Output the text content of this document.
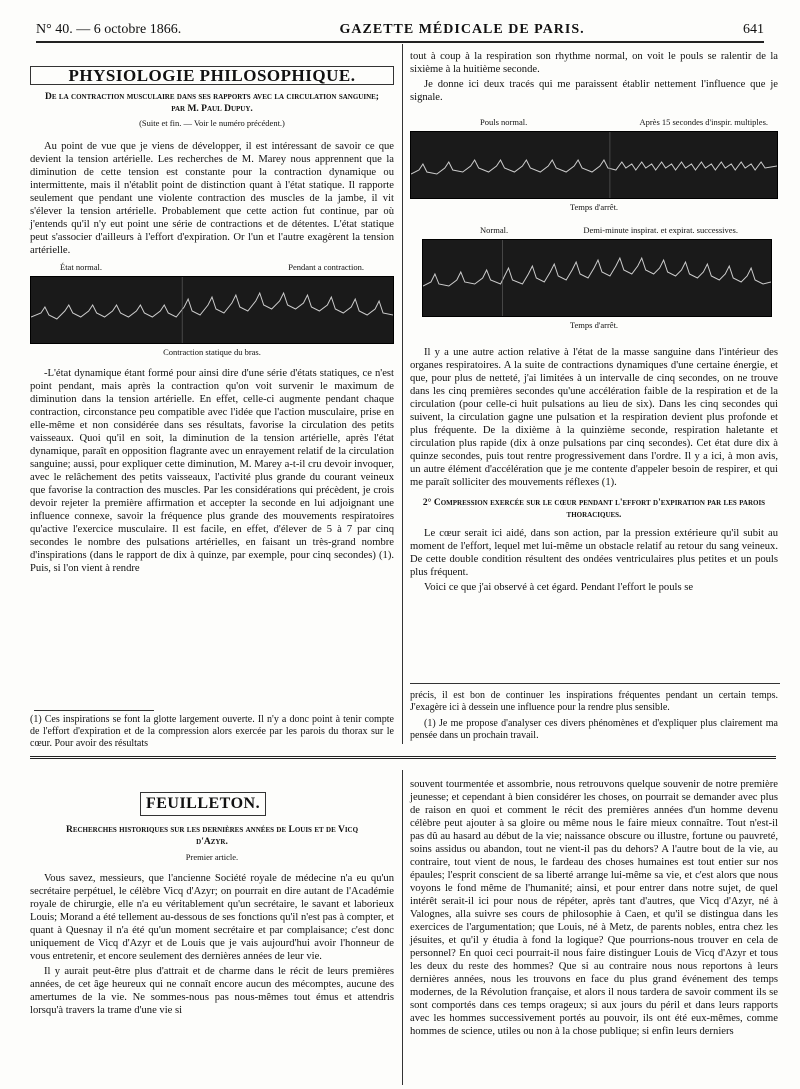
N° 40. — 6 octobre 1866.	GAZETTE MÉDICALE DE PARIS.	641
PHYSIOLOGIE PHILOSOPHIQUE.
De la contraction musculaire dans ses rapports avec la circulation sanguine; par M. Paul Dupuy.
(Suite et fin. — Voir le numéro précédent.)

Au point de vue que je viens de développer, il est intéressant de savoir ce que devient la tension artérielle. Les recherches de M. Marey nous apprennent que la diminution de cette tension est constante pour la contraction dynamique ou intermittente, mais il n'établit point de distinction quant à l'état statique. Il rapporte seulement que pendant une violente contraction des muscles de la jambe, il vit s'élever la tension artérielle. Probablement que cette action fut continue, par où j'entends qu'il n'y eut point une série de contractions et de détentes. L'état statique peut s'associer d'ailleurs à l'effort d'expiration. Or l'un et l'autre exagèrent la tension artérielle.

État normal.	Pendant a contraction.
Contraction statique du bras.

-L'état dynamique étant formé pour ainsi dire d'une série d'états statiques, ce n'est point pendant, mais après la contraction qu'on voit survenir le maximum de diminution dans la tension artérielle. En effet, celle-ci augmente pendant chaque contraction, circonstance peu compatible avec l'idée que l'action musculaire, prise en elle-même et non considérée dans ses résultats, favorise la circulation des petits vaisseaux. Quoi qu'il en soit, la diminution de la tension artérielle, après l'état dynamique, paraît en opposition flagrante avec un enrayement relatif de la circulation sanguine; aussi, pour expliquer cette diminution, M. Marey a-t-il cru devoir invoquer, avec le relâchement des petits vaisseaux, l'activité plus grande du courant veineux que favorise la contraction des muscles. Par les considérations qui précèdent, je crois devoir rejeter la première affirmation et accepter la seconde en lui adjoignant une influence connexe, savoir la fréquence plus grande des mouvements respiratoires qu'active l'exercice musculaire. Il est facile, en effet, d'élever de 5 à 7 par cinq secondes le nombre des pulsations artérielles, en faisant un très-grand nombre d'inspirations (dans le rapport de dix à quinze, par exemple, pour cinq secondes) (1). Puis, si l'on vient à rendre

(1) Ces inspirations se font la glotte largement ouverte. Il n'y a donc point à tenir compte de l'effort d'expiration et de la compression alors exercée par les parois du thorax sur le cœur. Pour avoir des résultats

tout à coup à la respiration son rhythme normal, on voit le pouls se ralentir de la sixième à la huitième seconde.

Je donne ici deux tracés qui me paraissent établir nettement l'influence que je signale.

Pouls normal.	Après 15 secondes d'inspir. multiples.
Temps d'arrêt.
Normal.	Demi-minute inspirat. et expirat. successives.
Temps d'arrêt.

Il y a une autre action relative à l'état de la masse sanguine dans l'intérieur des organes respiratoires. A la suite de contractions dynamiques d'une certaine énergie, et que, pour plus de netteté, j'ai limitées à un intervalle de cinq secondes, on ne trouve dans les cinq premières secondes qu'une accélération faible de la respiration et de la circulation (pour celle-ci huit pulsations au lieu de six). Dans les cinq secondes qui suivent, la circulation gagne une pulsation et la respiration devient plus profonde et plus fréquente. De la dixième à la quinzième seconde, respiration haletante et circulation plus rapide (dix à onze pulsations par cinq secondes). Cet état dure dix à quinze secondes, puis tout rentre progressivement dans l'ordre. Il y a ici, à mon avis, un autre élément d'accélération que je me contente d'appeler besoin de respirer, et qui me paraît solliciter des mouvements réflexes (1).

2° Compression exercée sur le cœur pendant l'effort d'expiration par les parois thoraciques.

Le cœur serait ici aidé, dans son action, par la pression extérieure qu'il subit au moment de l'effort, lequel met lui-même un obstacle relatif au retour du sang veineux. De cette double condition résultent des ondées ventriculaires plus petites et un pouls plus fréquent.

Voici ce que j'ai observé à cet égard. Pendant l'effort le pouls se

précis, il est bon de continuer les inspirations fréquentes pendant un certain temps. J'exagère ici à dessein une influence pour la rendre plus sensible.

(1) Je me propose d'analyser ces divers phénomènes et d'expliquer plus clairement ma pensée dans un prochain travail.

FEUILLETON.
Recherches historiques sur les dernières années de Louis et de Vicq d'Azyr.
Premier article.

Vous savez, messieurs, que l'ancienne Société royale de médecine n'a eu qu'un secrétaire perpétuel, le célèbre Vicq d'Azyr; on pourrait en dire autant de l'Académie royale de chirurgie, elle n'a eu véritablement qu'un secrétaire, le savant et laborieux Louis; Morand a été tellement au-dessous de ses fonctions qu'il n'est pas à compter, et quant à Quesnay il n'a été qu'un moment secrétaire et par complaisance; c'est donc uniquement de Vicq d'Azyr et de Louis que je vais aujourd'hui avoir l'honneur de vous entretenir, et encore seulement des dernières années de leur vie.

Il y aurait peut-être plus d'attrait et de charme dans le récit de leurs premières années, de cet âge heureux qui ne connaît encore aucun des mécomptes, aucune des amertumes de la vie. Ne sommes-nous pas nous-mêmes tout émus et attendris lorsqu'à travers la trame d'une vie si

souvent tourmentée et assombrie, nous retrouvons quelque souvenir de notre première jeunesse; et cependant à bien considérer les choses, on pourrait se demander avec plus de raison en quoi et comment le récit des premières années d'un homme devenu célèbre peut ajouter à sa gloire ou même nous le faire mieux connaître. Tout n'est-il pas dû au hasard au début de la vie; naissance obscure ou illustre, fortune ou pauvreté, soins assidus ou abandon, tout ne vient-il pas du dehors? A l'autre bout de la vie, au contraire, tout vient de nous, le fardeau des choses humaines est tout entier sur nos épaules; l'esprit conscient de sa liberté arrange lui-même sa vie, et c'est alors que nous voyons le fond même de l'humanité; ainsi, et pour entrer dans notre sujet, de quel intérêt serait-il ici pour nous de répéter, après tant d'autres, que Vicq d'Azyr, né à Valognes, alla suivre ses cours de philosophie à Caen, et qu'il se distingua dans les exercices de l'argumentation; que Louis, né à Metz, de parents nobles, entra chez les jésuites, et qu'il y étudia à fond la logique? Que pourrions-nous trouver en cela de personnel? En quoi ceci pourrait-il nous faire distinguer Louis de Vicq d'Azyr et tous les deux du reste des hommes? Que si au contraire nous nous reportons à leurs dernières années, nous les trouvons en face du plus grand événement des temps modernes, de la Révolution française, et alors il nous tardera de savoir comment ils se sont comportés dans ces temps orageux; si aux jours du péril et dans leurs rapports avec les hommes successivement portés au pouvoir, ils ont été eux-mêmes, comme hommes de science, utiles ou non à la chose publique; si enfin leurs derniers
